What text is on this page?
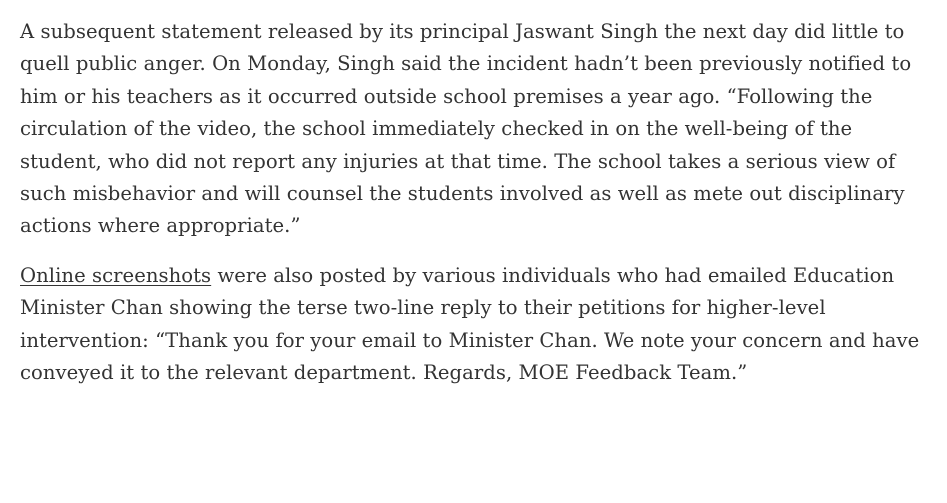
A subsequent statement released by its principal Jaswant Singh the next day did little to quell public anger. On Monday, Singh said the incident hadn’t been previously notified to him or his teachers as it occurred outside school premises a year ago. “Following the circulation of the video, the school immediately checked in on the well-being of the student, who did not report any injuries at that time. The school takes a serious view of such misbehavior and will counsel the students involved as well as mete out disciplinary actions where appropriate.”

Online screenshots were also posted by various individuals who had emailed Education Minister Chan showing the terse two-line reply to their petitions for higher-level intervention: “Thank you for your email to Minister Chan. We note your concern and have conveyed it to the relevant department. Regards, MOE Feedback Team.”
